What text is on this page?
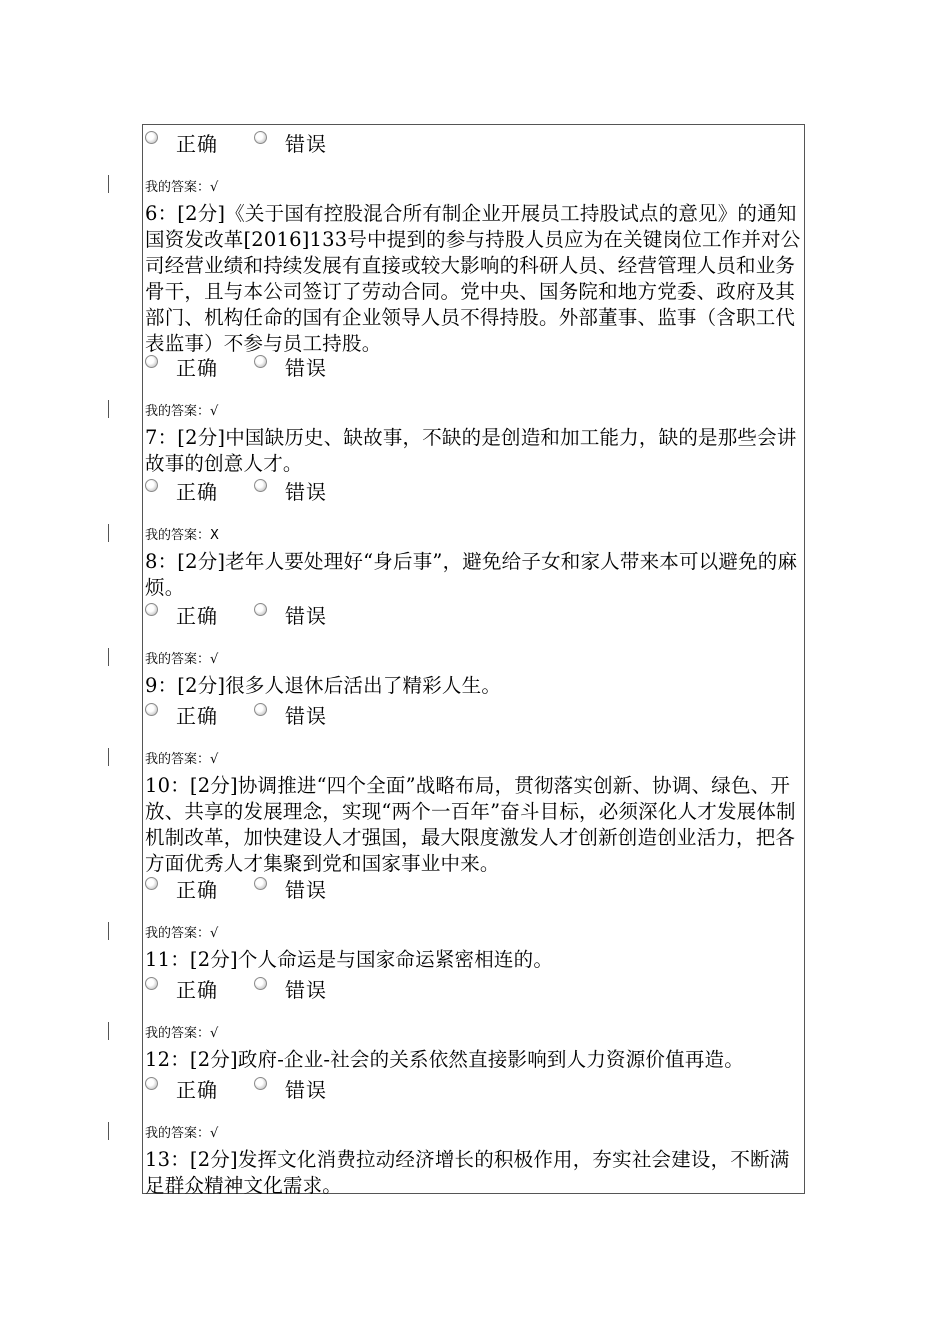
正确	错误
我的答案：√
6：[2分]《关于国有控股混合所有制企业开展员工持股试点的意见》的通知 国资发改革[2016]133号中提到的参与持股人员应为在关键岗位工作并对公司经营业绩和持续发展有直接或较大影响的科研人员、经营管理人员和业务骨干，且与本公司签订了劳动合同。党中央、国务院和地方党委、政府及其部门、机构任命的国有企业领导人员不得持股。外部董事、监事（含职工代表监事）不参与员工持股。
正确	错误
我的答案：√
7：[2分]中国缺历史、缺故事，不缺的是创造和加工能力，缺的是那些会讲故事的创意人才。
正确	错误
我的答案：X
8：[2分]老年人要处理好“身后事”，避免给子女和家人带来本可以避免的麻烦。
正确	错误
我的答案：√
9：[2分]很多人退休后活出了精彩人生。
正确	错误
我的答案：√
10：[2分]协调推进“四个全面”战略布局，贯彻落实创新、协调、绿色、开放、共享的发展理念，实现“两个一百年”奋斗目标，必须深化人才发展体制机制改革，加快建设人才强国，最大限度激发人才创新创造创业活力，把各方面优秀人才集聚到党和国家事业中来。
正确	错误
我的答案：√
11：[2分]个人命运是与国家命运紧密相连的。
正确	错误
我的答案：√
12：[2分]政府-企业-社会的关系依然直接影响到人力资源价值再造。
正确	错误
我的答案：√
13：[2分]发挥文化消费拉动经济增长的积极作用，夯实社会建设，不断满足群众精神文化需求。
